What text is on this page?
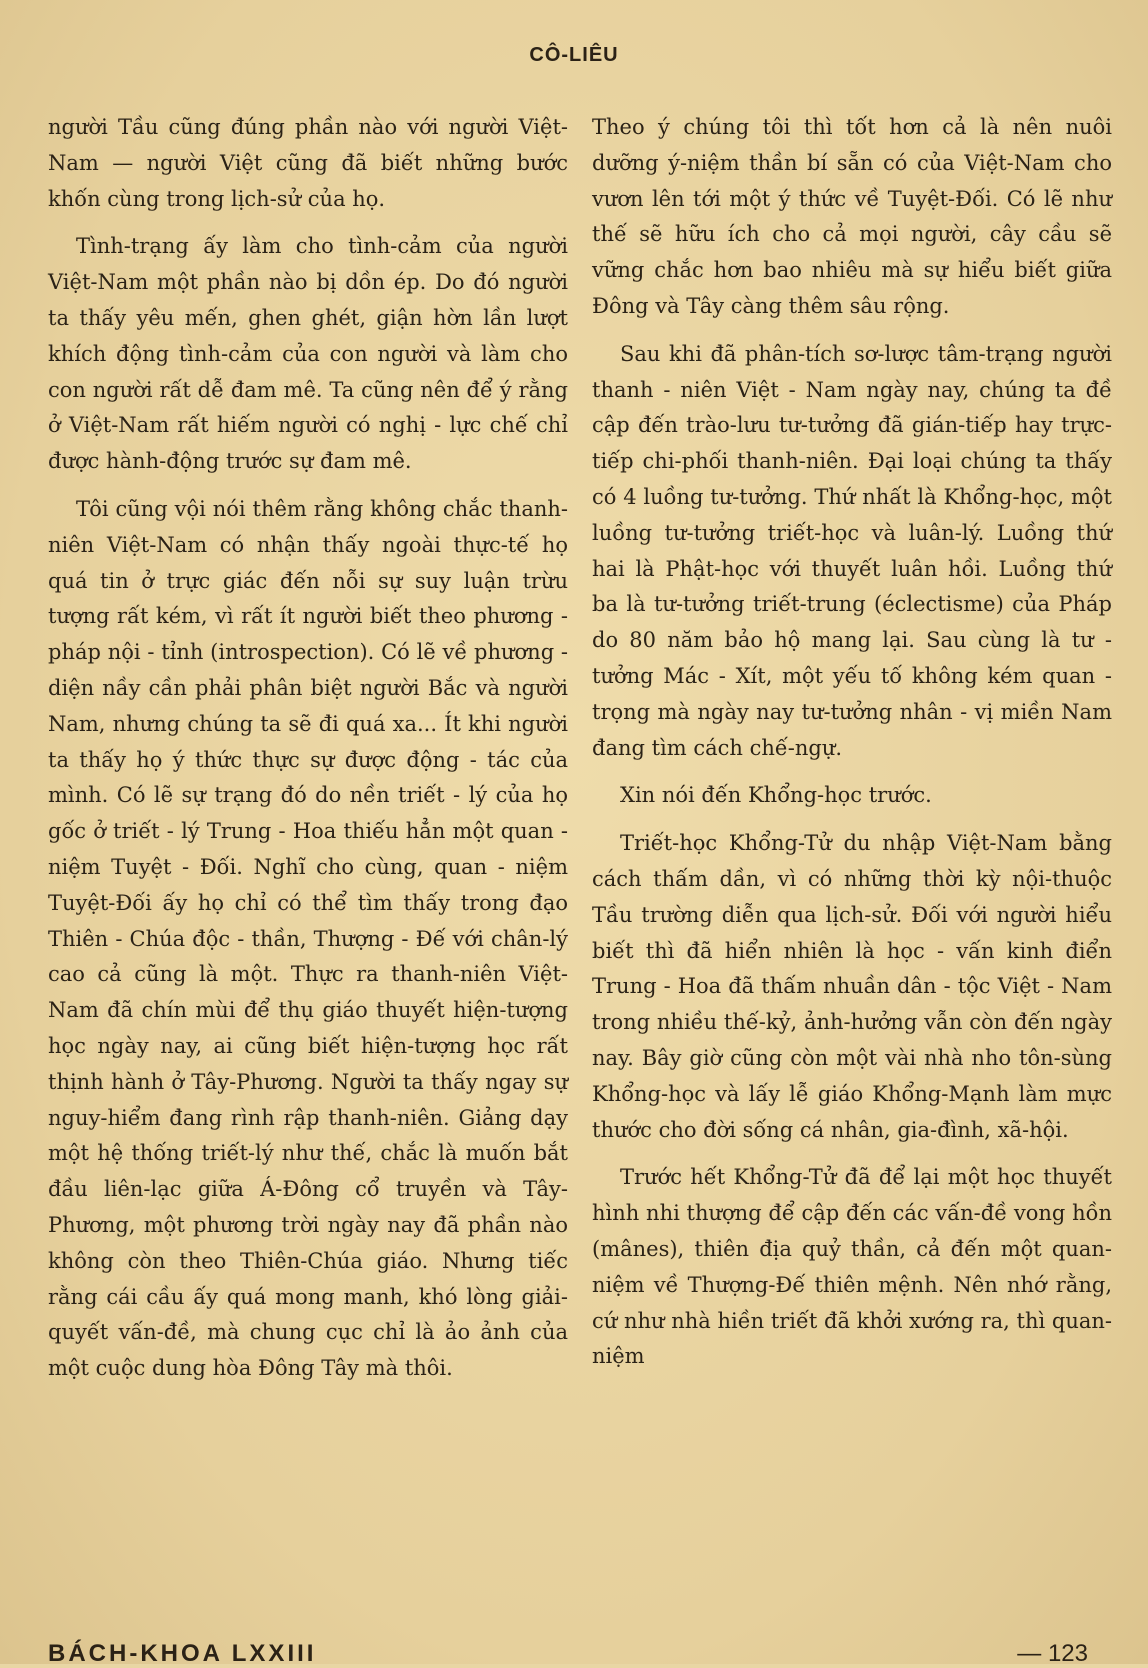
CÔ-LIÊU

người Tầu cũng đúng phần nào với người Việt-Nam — người Việt cũng đã biết những bước khốn cùng trong lịch-sử của họ.

Tình-trạng ấy làm cho tình-cảm của người Việt-Nam một phần nào bị dồn ép. Do đó người ta thấy yêu mến, ghen ghét, giận hờn lần lượt khích động tình-cảm của con người và làm cho con người rất dễ đam mê. Ta cũng nên để ý rằng ở Việt-Nam rất hiếm người có nghị - lực chế chỉ được hành-động trước sự đam mê.

Tôi cũng vội nói thêm rằng không chắc thanh-niên Việt-Nam có nhận thấy ngoài thực-tế họ quá tin ở trực giác đến nỗi sự suy luận trừu tượng rất kém, vì rất ít người biết theo phương - pháp nội - tỉnh (introspection). Có lẽ về phương - diện nầy cần phải phân biệt người Bắc và người Nam, nhưng chúng ta sẽ đi quá xa... Ít khi người ta thấy họ ý thức thực sự được động - tác của mình. Có lẽ sự trạng đó do nền triết - lý của họ gốc ở triết - lý Trung - Hoa thiếu hẳn một quan - niệm Tuyệt - Đối. Nghĩ cho cùng, quan - niệm Tuyệt-Đối ấy họ chỉ có thể tìm thấy trong đạo Thiên - Chúa độc - thần, Thượng - Đế với chân-lý cao cả cũng là một. Thực ra thanh-niên Việt-Nam đã chín mùi để thụ giáo thuyết hiện-tượng học ngày nay, ai cũng biết hiện-tượng học rất thịnh hành ở Tây-Phương. Người ta thấy ngay sự nguy-hiểm đang rình rập thanh-niên. Giảng dạy một hệ thống triết-lý như thế, chắc là muốn bắt đầu liên-lạc giữa Á-Đông cổ truyền và Tây-Phương, một phương trời ngày nay đã phần nào không còn theo Thiên-Chúa giáo. Nhưng tiếc rằng cái cầu ấy quá mong manh, khó lòng giải-quyết vấn-đề, mà chung cục chỉ là ảo ảnh của một cuộc dung hòa Đông Tây mà thôi.

Theo ý chúng tôi thì tốt hơn cả là nên nuôi dưỡng ý-niệm thần bí sẵn có của Việt-Nam cho vươn lên tới một ý thức về Tuyệt-Đối. Có lẽ như thế sẽ hữu ích cho cả mọi người, cây cầu sẽ vững chắc hơn bao nhiêu mà sự hiểu biết giữa Đông và Tây càng thêm sâu rộng.

Sau khi đã phân-tích sơ-lược tâm-trạng người thanh - niên Việt - Nam ngày nay, chúng ta đề cập đến trào-lưu tư-tưởng đã gián-tiếp hay trực-tiếp chi-phối thanh-niên. Đại loại chúng ta thấy có 4 luồng tư-tưởng. Thứ nhất là Khổng-học, một luồng tư-tưởng triết-học và luân-lý. Luồng thứ hai là Phật-học với thuyết luân hồi. Luồng thứ ba là tư-tưởng triết-trung (éclectisme) của Pháp do 80 năm bảo hộ mang lại. Sau cùng là tư - tưởng Mác - Xít, một yếu tố không kém quan - trọng mà ngày nay tư-tưởng nhân - vị miền Nam đang tìm cách chế-ngự.

Xin nói đến Khổng-học trước.

Triết-học Khổng-Tử du nhập Việt-Nam bằng cách thấm dần, vì có những thời kỳ nội-thuộc Tầu trường diễn qua lịch-sử. Đối với người hiểu biết thì đã hiển nhiên là học - vấn kinh điển Trung - Hoa đã thấm nhuần dân - tộc Việt - Nam trong nhiều thế-kỷ, ảnh-hưởng vẫn còn đến ngày nay. Bây giờ cũng còn một vài nhà nho tôn-sùng Khổng-học và lấy lễ giáo Khổng-Mạnh làm mực thước cho đời sống cá nhân, gia-đình, xã-hội.

Trước hết Khổng-Tử đã để lại một học thuyết hình nhi thượng để cập đến các vấn-đề vong hồn (mânes), thiên địa quỷ thần, cả đến một quan-niệm về Thượng-Đế thiên mệnh. Nên nhớ rằng, cứ như nhà hiền triết đã khởi xướng ra, thì quan-niệm

BÁCH-KHOA LXXIII	— 123
